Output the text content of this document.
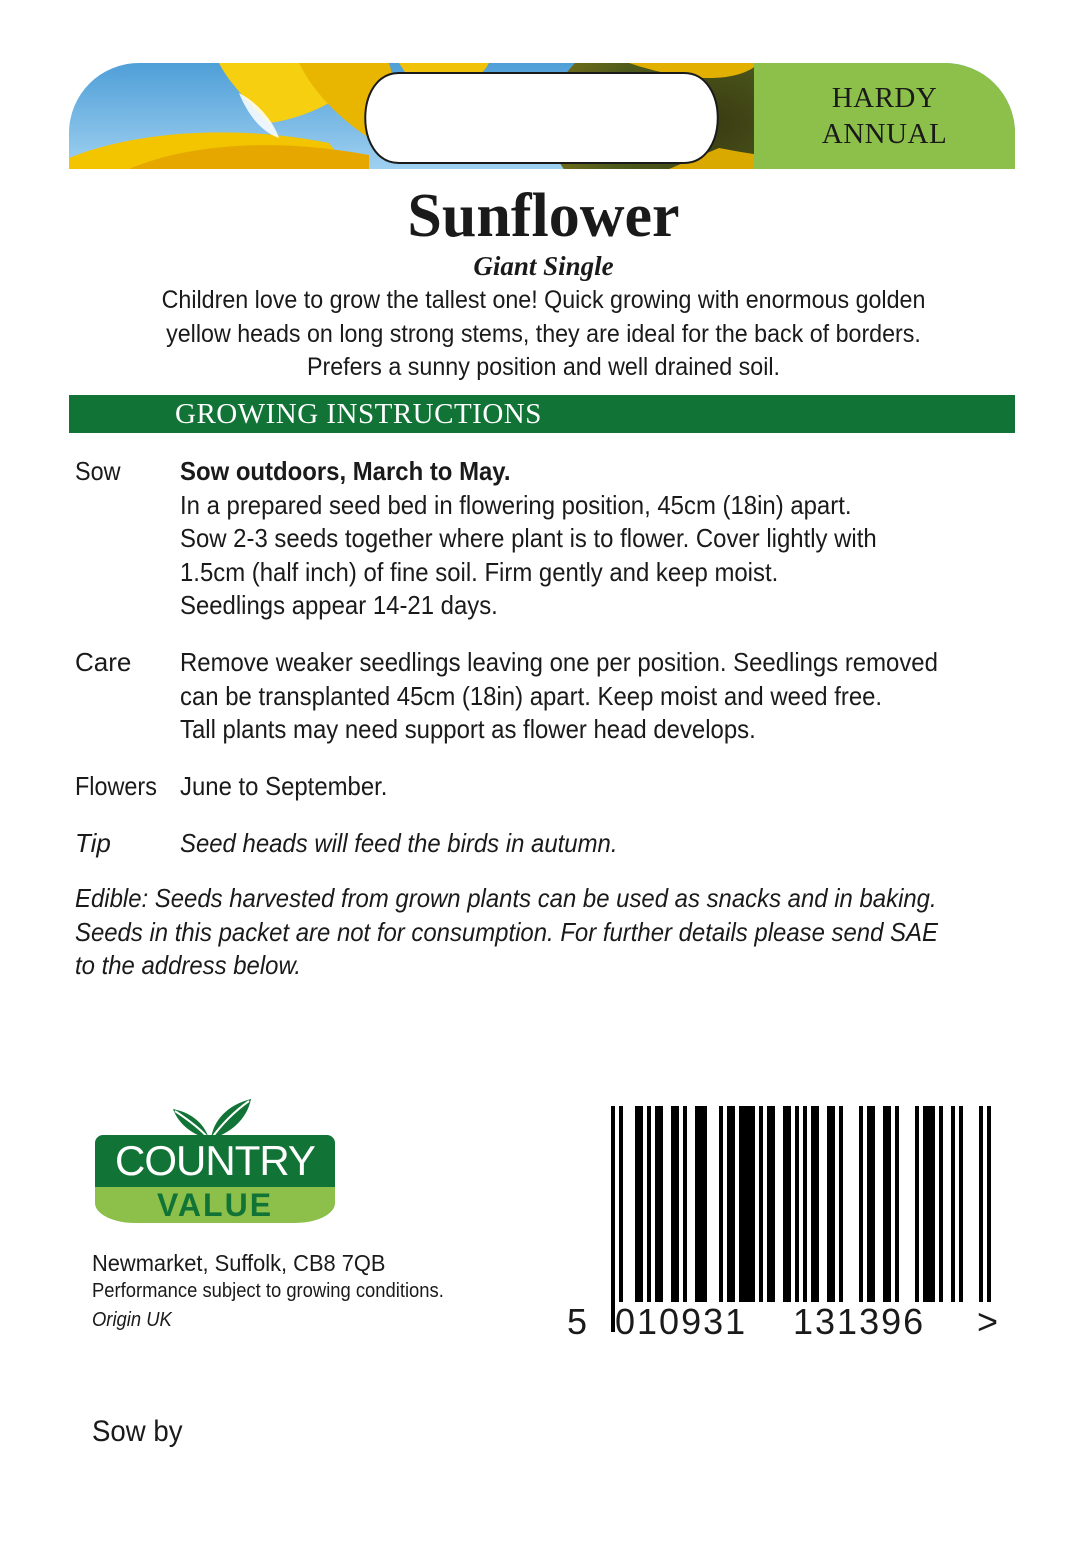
HARDY
ANNUAL
Sunflower
Giant Single
Children love to grow the tallest one! Quick growing with enormous golden
yellow heads on long strong stems, they are ideal for the back of borders.
Prefers a sunny position and well drained soil.
GROWING INSTRUCTIONS
Sow	Sow outdoors, March to May.
In a prepared seed bed in flowering position, 45cm (18in) apart.
Sow 2-3 seeds together where plant is to flower. Cover lightly with
1.5cm (half inch) of fine soil. Firm gently and keep moist.
Seedlings appear 14-21 days.
Care	Remove weaker seedlings leaving one per position. Seedlings removed
can be transplanted 45cm (18in) apart. Keep moist and weed free.
Tall plants may need support as flower head develops.
Flowers June to September.
Tip	Seed heads will feed the birds in autumn.
Edible: Seeds harvested from grown plants can be used as snacks and in baking.
Seeds in this packet are not for consumption. For further details please send SAE
to the address below.
COUNTRY
VALUE
Newmarket, Suffolk, CB8 7QB
Performance subject to growing conditions.
Origin UK	5 010931 131396 >
Sow by
